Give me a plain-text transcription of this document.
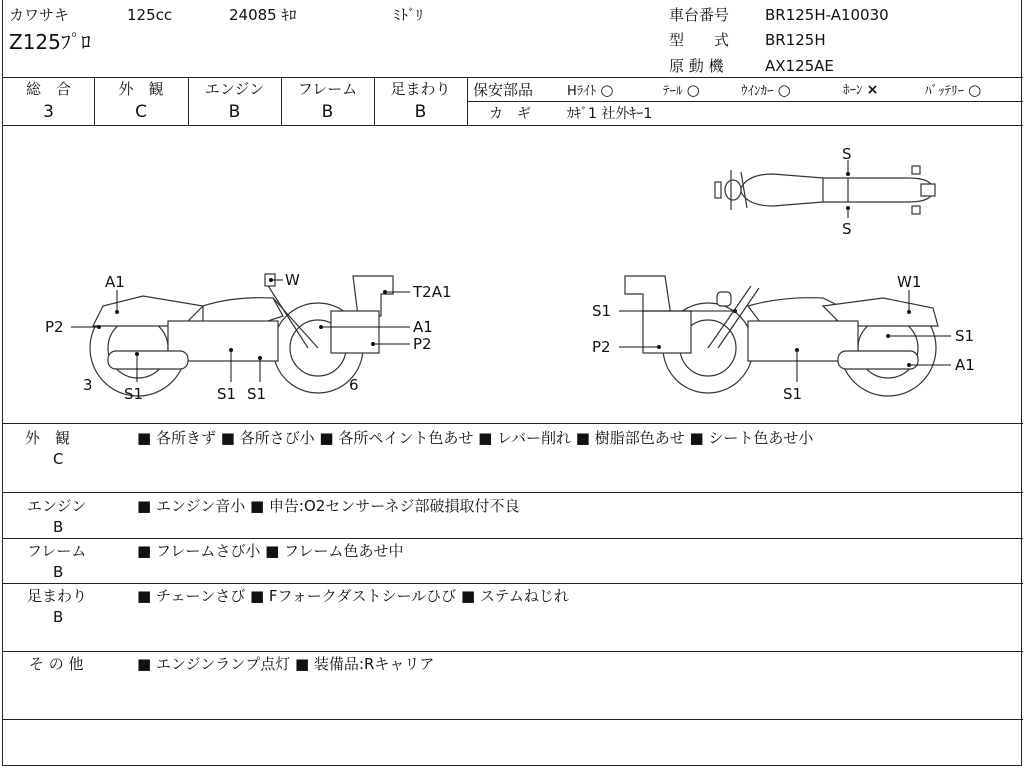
カワサキ	125cc	24085 ｷﾛ	ﾐﾄﾞﾘ
Z125ﾌﾟﾛ
車台番号 BR125H-A10030
型　　式 BR125H
原 動 機	AX125AE
総　合	外　観	エンジン	フレーム	足まわり
3	C	B	B	B
保安部品	Hﾗｲﾄ ○	ﾃｰﾙ ○	ｳｲﾝｶｰ ○	ﾎｰﾝ ×	ﾊﾞｯﾃﾘｰ ○
カ　ギ	ｶｷﾞ1 社外ｷｰ1
S
S
A1	W
T2A1
P2	A1
P2
3 S1	S1 S1	6
W1
S1
S1
P2
A1
S1
外　観
C
■ 各所きず ■ 各所さび小 ■ 各所ペイント色あせ ■ レバー削れ ■ 樹脂部色あせ ■ シート色あせ小
エンジン
B
■ エンジン音小 ■ 申告:O2センサーネジ部破損取付不良
フレーム
B
■ フレームさび小 ■ フレーム色あせ中
足まわり
B
■ チェーンさび ■ Fフォークダストシールひび ■ ステムねじれ
そ の 他	■ エンジンランプ点灯 ■ 装備品:Rキャリア
